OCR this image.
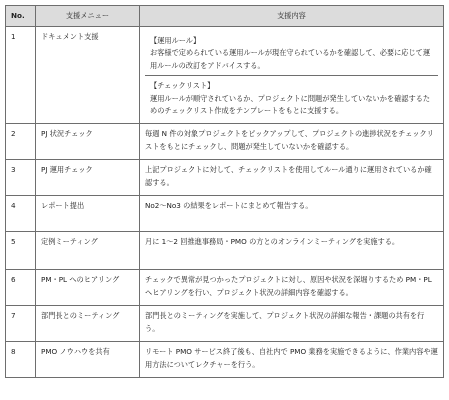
No.	支援メニュー	支援内容
1	ドキュメント支援	【運用ルール】
お客様で定められている運用ルールが現在守られているかを確認して、必要に応じて運用ルールの改訂をアドバイスする。
【チェックリスト】
運用ルールが順守されているか、プロジェクトに問題が発生していないかを確認するためのチェックリスト作成をテンプレートをもとに支援する。

2	PJ 状況チェック	毎週 N 件の対象プロジェクトをピックアップして、プロジェクトの進捗状況をチェックリストをもとにチェックし、問題が発生していないかを確認する。
3	PJ 運用チェック	上記プロジェクトに対して、チェックリストを使用してルール通りに運用されているか確認する。
4	レポート提出	No2～No3 の結果をレポートにまとめて報告する。
5	定例ミーティング	月に 1～2 回推進事務局・PMO の方とのオンラインミーティングを実施する。
6	PM・PL へのヒアリング	チェックで異常が見つかったプロジェクトに対し、原因や状況を深堀りするため PM・PL へヒアリングを行い、プロジェクト状況の詳細内容を確認する。
7	部門長とのミーティング	部門長とのミーティングを実施して、プロジェクト状況の詳細な報告・課題の共有を行う。
8	PMO ノウハウを共有	リモート PMO サービス終了後も、自社内で PMO 業務を実施できるように、作業内容や運用方法についてレクチャーを行う。
